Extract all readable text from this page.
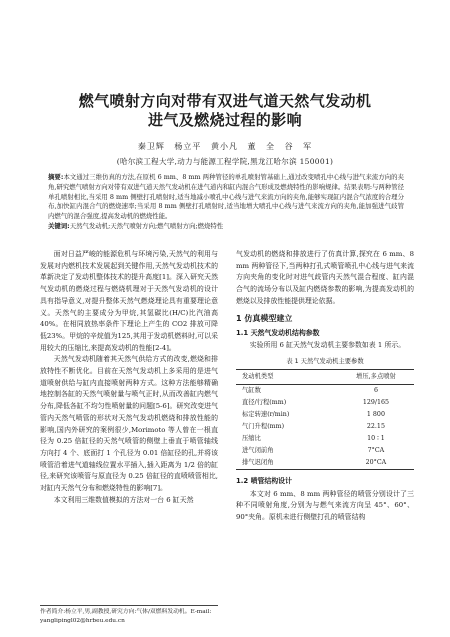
燃气喷射方向对带有双进气道天然气发动机
进气及燃烧过程的影响
秦卫辉 杨立平 黄小凡 董 全 谷 军
(哈尔滨工程大学,动力与能源工程学院,黑龙江哈尔滨 150001)

摘要:本文通过三维仿真的方法,在原机 6 mm、8 mm 两种管径的单孔喷射管基础上,通过改变喷孔中心线与进气来流方向的夹角,研究燃气喷射方向对带有双进气道天然气发动机在进气道内和缸内混合气形成及燃烧特性的影响规律。结果表明:与两种管径单孔喷射相比,当采用 8 mm 侧壁打孔喷射时,适当地减小喷孔中心线与进气来流方向的夹角,能够实现缸内混合气浓度的合理分布,加快缸内混合气的燃烧速率;当采用 8 mm 侧壁打孔喷射时,适当地增大喷孔中心线与进气来流方向的夹角,能加强进气歧管内燃气的混合强度,提高发动机的燃烧性能。
关键词:天然气发动机;天然气喷射方向;燃气喷射方向;燃烧特性

面对日益严峻的能源危机与环境污染,天然气的利用与发展对内燃机技术发展起到关键作用,天然气发动机技术的革新决定了发动机整体技术的提升高度[1]。深入研究天然气发动机的燃烧过程与燃烧机理对于天然气发动机的设计具有指导意义,对提升整体天然气燃烧理论具有重要理论意义。天然气的主要成分为甲烷,其氢碳比(H/C)比汽油高40%。在相同放热率条件下理论上产生的 CO2 排放可降低23%。甲烷的辛烷值为125,其用于发动机燃料时,可以采用较大的压缩比,来提高发动机的性能[2-4]。

天然气发动机随着其天然气供给方式的改变,燃烧和排放特性不断优化。目前在天然气发动机上多采用的是进气道喷射供给与缸内直接喷射两种方式。这种方法能够精确地控制各缸的天然气喷射量与喷气正时,从而改善缸内燃气分布,降低各缸不均匀性喷射量的问题[5-6]。研究改变进气管内天然气喷管的形状对天然气发动机燃烧和排放性能的影响,国内外研究的案例很少,Morimoto 等人曾在一根直径为 0.25 倍缸径的天然气喷管的侧壁上垂直于喷管轴线方向打 4 个、底面打 1 个孔径为 0.01 倍缸径的孔,并将该喷管沿着进气道轴线位置水平插入,插入距离为 1/2 倍的缸径,来研究该喷管与原直径为 0.25 倍缸径的直喷喷管相比,对缸内天然气分布和燃烧特性的影响[7]。

本文利用三维数值模拟的方法对一台 6 缸天然

气发动机的燃烧和排放进行了仿真计算,探究在 6 mm、8 mm 两种管径下,当两种打孔式喷管喷孔中心线与进气来流方向夹角的变化时对进气歧管内天然气混合程度、缸内混合气的流场分布以及缸内燃烧参数的影响,为提高发动机的燃烧以及排放性能提供理论依据。

1 仿真模型建立
1.1 天然气发动机结构参数

实验所用 6 缸天然气发动机主要参数如表 1 所示。

表 1 天然气发动机主要参数
发动机类型	增压,多点喷射
气缸数	6
直径/行程(mm)	129/165
标定转速(r/min)	1 800
气门升程(mm)	22.15
压缩比	10 ∶ 1
进气闭前角	7°CA
排气迟闭角	20°CA
1.2 喷管结构设计

本文对 6 mm、8 mm 两种管径的喷管分别设计了三种不同喷射角度,分别为与燃气来流方向呈 45°、60°、90°夹角。原机未进行侧壁打孔的喷管结构

作者简介:杨立平,男,副教授,研究方向:气体/双燃料发动机。E-mail: yanglipingl02@hrbeu.edu.cn
